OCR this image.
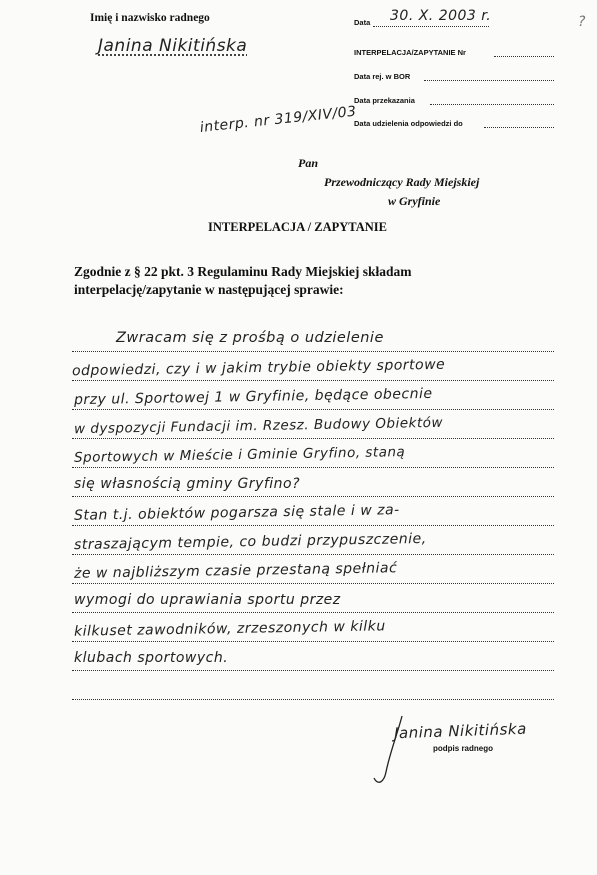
Imię i nazwisko radnego
Janina Nikitińska
Data 30. X. 2003 r.	?
INTERPELACJA/ZAPYTANIE Nr
Data rej. w BOR
Data przekazania
Data udzielenia odpowiedzi do
interp. nr 319/XIV/03
Pan
Przewodniczący Rady Miejskiej
w Gryfinie
INTERPELACJA / ZAPYTANIE
Zgodnie z § 22 pkt. 3 Regulaminu Rady Miejskiej składam
interpelację/zapytanie w następującej sprawie:
Zwracam się z prośbą o udzielenie
odpowiedzi, czy i w jakim trybie obiekty sportowe
przy ul. Sportowej 1 w Gryfinie, będące obecnie
w dyspozycji Fundacji im. Rzesz. Budowy Obiektów
Sportowych w Mieście i Gminie Gryfino, staną
się własnością gminy Gryfino?
Stan t.j. obiektów pogarsza się stale i w za-
straszającym tempie, co budzi przypuszczenie,
że w najbliższym czasie przestaną spełniać
wymogi do uprawiania sportu przez
kilkuset zawodników, zrzeszonych w kilku
klubach sportowych.
Janina Nikitińska
podpis radnego
